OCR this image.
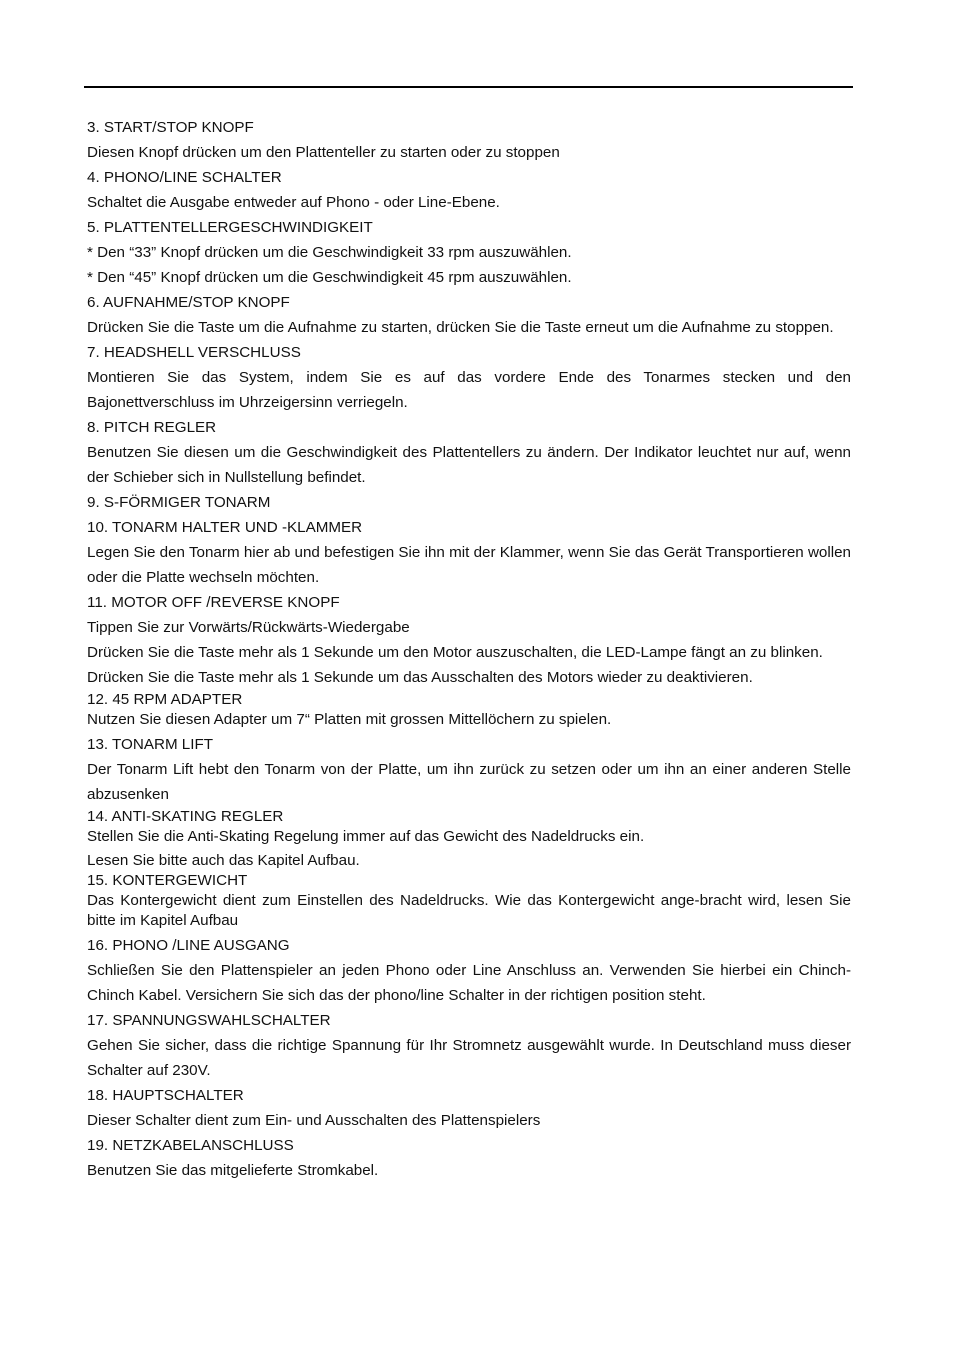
3. START/STOP KNOPF

Diesen Knopf drücken um den Plattenteller zu starten oder zu stoppen

4. PHONO/LINE SCHALTER

Schaltet die Ausgabe entweder auf Phono - oder Line-Ebene.

5. PLATTENTELLERGESCHWINDIGKEIT

* Den “33” Knopf drücken um die Geschwindigkeit 33 rpm auszuwählen.

* Den “45” Knopf drücken um die Geschwindigkeit 45 rpm auszuwählen.

6. AUFNAHME/STOP KNOPF

Drücken Sie die Taste um die Aufnahme zu starten, drücken Sie die Taste erneut um die Aufnahme zu stoppen.

7. HEADSHELL VERSCHLUSS

Montieren Sie das System, indem Sie es auf das vordere Ende des Tonarmes stecken und den Bajonettverschluss im Uhrzeigersinn verriegeln.

8. PITCH REGLER

Benutzen Sie diesen um die Geschwindigkeit des Plattentellers zu ändern. Der Indikator leuchtet nur auf, wenn der Schieber sich in Nullstellung befindet.

9. S-FÖRMIGER TONARM

10. TONARM HALTER UND -KLAMMER

Legen Sie den Tonarm hier ab und befestigen Sie ihn mit der Klammer, wenn Sie das Gerät Transportieren wollen oder die Platte wechseln möchten.

11. MOTOR OFF /REVERSE KNOPF

Tippen Sie zur Vorwärts/Rückwärts-Wiedergabe

Drücken Sie die Taste mehr als 1 Sekunde um den Motor auszuschalten, die LED-Lampe fängt an zu blinken. Drücken Sie die Taste mehr als 1 Sekunde um das Ausschalten des Motors wieder zu deaktivieren.

12. 45 RPM ADAPTER

Nutzen Sie diesen Adapter um 7“ Platten mit grossen Mittellöchern zu spielen.

13. TONARM LIFT

Der Tonarm Lift hebt den Tonarm von der Platte, um ihn zurück zu setzen oder um ihn an einer anderen Stelle abzusenken

14. ANTI-SKATING REGLER

Stellen Sie die Anti-Skating Regelung immer auf das Gewicht des Nadeldrucks ein.

Lesen Sie bitte auch das Kapitel Aufbau.

15. KONTERGEWICHT

Das Kontergewicht dient zum Einstellen des Nadeldrucks. Wie das Kontergewicht ange-bracht wird, lesen Sie bitte im Kapitel Aufbau

16. PHONO /LINE AUSGANG

Schließen Sie den Plattenspieler an jeden Phono oder Line Anschluss an. Verwenden Sie hierbei ein Chinch-Chinch Kabel. Versichern Sie sich das der phono/line Schalter in der richtigen position steht.

17. SPANNUNGSWAHLSCHALTER

Gehen Sie sicher, dass die richtige Spannung für Ihr Stromnetz ausgewählt wurde. In Deutschland muss dieser Schalter auf 230V.

18. HAUPTSCHALTER

Dieser Schalter dient zum Ein- und Ausschalten des Plattenspielers

19. NETZKABELANSCHLUSS

Benutzen Sie das mitgelieferte Stromkabel.
